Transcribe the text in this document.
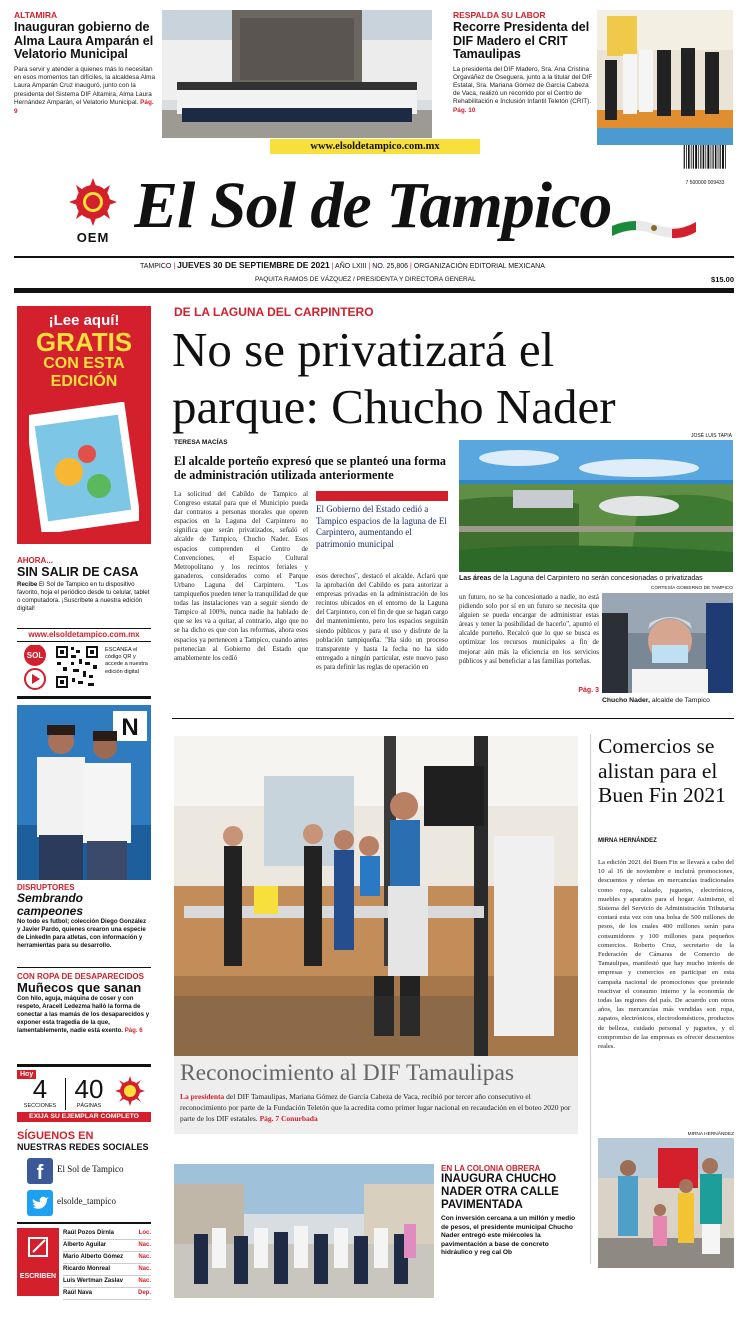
ALTAMIRA
Inauguran gobierno de Alma Laura Amparán el Velatorio Municipal
Para servir y atender a quienes más lo necesitan en esos momentos tan difíciles, la alcaldesa Alma Laura Amparán Cruz inauguró, junto con la presidenta del Sistema DIF Altamira, Alma Laura Hernández Amparán, el Velatorio Municipal. Pág. 9
RESPALDA SU LABOR
Recorre Presidenta del DIF Madero el CRIT Tamaulipas
La presidenta del DIF Madero, Sra. Ana Cristina Orgaváñez de Oseguera, junto a la titular del DIF Estatal, Sra. Mariana Gómez de García Cabeza de Vaca, realizó un recorrido por el Centro de Rehabilitación e Inclusión Infantil Teletón (CRIT). Pág. 10
www.elsoldetampico.com.mx
OEM El Sol de Tampico	7 500000 009433
TAMPICO | JUEVES 30 DE SEPTIEMBRE DE 2021 | AÑO LXIII | NO. 25,806 | ORGANIZACIÓN EDITORIAL MEXICANA
PAQUITA RAMOS DE VÁZQUEZ / PRESIDENTA Y DIRECTORA GENERAL	$15.00
¡Lee aquí!
GRATIS
CON ESTA
EDICIÓN
AHORA...
SIN SALIR DE CASA
Recibe El Sol de Tampico en tu dispositivo favorito, hoja el periódico desde tu celular, tablet o computadora. ¡Suscríbete a nuestra edición digital!
www.elsoldetampico.com.mx
SOL
ESCANEA el código QR y accede a nuestra edición digital
N
DISRUPTORES
Sembrando campeones
No todo es futbol; colección Diego González y Javier Pardo, quienes crearon una especie de LinkedIn para atletas, con información y herramientas para su desarrollo.
CON ROPA DE DESAPARECIDOS
Muñecos que sanan
Con hilo, aguja, máquina de coser y con respeto, Aracell Ledezma halló la forma de conectar a las mamás de los desaparecidos y exponer esta tragedia de la que, lamentablemente, nadie está exento. Pág. 6
Hoy 4
SECCIONES
40
PÁGINAS
EXIJA SU EJEMPLAR COMPLETO
SÍGUENOS EN
NUESTRAS REDES SOCIALES
f El Sol de Tampico
elsolde_tampico
ESCRIBEN
Raúl Pozos Dirnla	Loc.
Alberto Aguilar	Nac.
Mario Alberto Gómez	Nac.
Ricardo Monreal	Nac.
Luis Wertman Zaslav	Nac.
Raúl Nava	Dep.
DE LA LAGUNA DEL CARPINTERO
No se privatizará el
parque: Chucho Nader
TERESA MACÍAS
JOSÉ LUIS TAPIA
El alcalde porteño expresó que se planteó una forma de administración utilizada anteriormente
La solicitud del Cabildo de Tampico al Congreso estatal para que el Municipio pueda dar contratos a personas morales que operen espacios en la Laguna del Carpintero no significa que serán privatizados, señaló el alcalde de Tampico, Chucho Nader. Esos espacios comprenden el Centro de Convenciones, el Espacio Cultural Metropolitano y los recintos feriales y ganaderos, considerados como el Parque Urbano Laguna del Carpintero. "Los tampiqueños pueden tener la tranquilidad de que todas las instalaciones van a seguir siendo de Tampico al 100%, nunca nadie ha hablado de que se les va a quitar, al contrario, algo que no se ha dicho es que con las reformas, ahora esos espacios ya pertenecen a Tampico, cuando antes pertenecían al Gobierno del Estado que amablemente los cedió
El Gobierno del Estado cedió a Tampico espacios de la laguna de El Carpintero, aumentando el patrimonio municipal
esos derechos", destacó el alcalde. Aclaró que la aprobación del Cabildo es para autorizar a empresas privadas en la administración de los recintos ubicados en el entorno de la Laguna del Carpintero, con el fin de que se hagan cargo del mantenimiento, pero los espacios seguirán siendo públicos y para el uso y disfrute de la población tampiqueña. "Ha sido un proceso transparente y hasta la fecha no ha sido entregado a ningún particular, este nuevo paso es para definir las reglas de operación en
Las áreas de la Laguna del Carpintero no serán concesionadas o privatizadas
un futuro, no se ha concesionado a nadie, no está pidiendo solo por sí en un futuro se necesita que alguien se pueda encargar de administrar estas áreas y tener la posibilidad de hacerlo", apuntó el alcalde porteño. Recalcó que lo que se busca es optimizar los recursos municipales a fin de mejorar aún más la eficiencia en los servicios públicos y así beneficiar a las familias porteñas.
Pág. 3
CORTESÍA GOBIERNO DE TAMPICO
Chucho Nader, alcalde de Tampico
Reconocimiento al DIF Tamaulipas
La presidenta del DIF Tamaulipas, Mariana Gómez de García Cabeza de Vaca, recibió por tercer año consecutivo el reconocimiento por parte de la Fundación Teletón que la acredita como primer lugar nacional en recaudación en el boteo 2020 por parte de los DIF estatales. Pág. 7 Conurbada
Comercios se alistan para el Buen Fin 2021
MIRNA HERNÁNDEZ
La edición 2021 del Buen Fin se llevará a cabo del 10 al 16 de noviembre e incluirá promociones, descuentos y ofertas en mercancías tradicionales como ropa, calzado, juguetes, electrónicos, muebles y aparatos para el hogar. Asimismo, el Sistema del Servicio de Administración Tributaria contará esta vez con una bolsa de 500 millones de pesos, de los cuales 400 millones serán para consumidores y 100 millones para pequeños comercios. Roberto Cruz, secretario de la Federación de Cámaras de Comercio de Tamaulipas, manifestó que hay mucho interés de empresas y comercios en participar en esta campaña nacional de promociones que pretende reactivar el consumo interno y la economía de todas las regiones del país. De acuerdo con otros años, las mercancías más vendidas son ropa, zapatos, electrónicos, electrodomésticos, productos de belleza, cuidado personal y juguetes, y el compromiso de las empresas es ofrecer descuentos reales.
MIRNA HERNÁNDEZ
EN LA COLONIA OBRERA
INAUGURA CHUCHO NADER OTRA CALLE PAVIMENTADA
Con inversión cercana a un millón y medio de pesos, el presidente municipal Chucho Nader entregó este miércoles la pavimentación a base de concreto hidráulico y reg cal Ob
